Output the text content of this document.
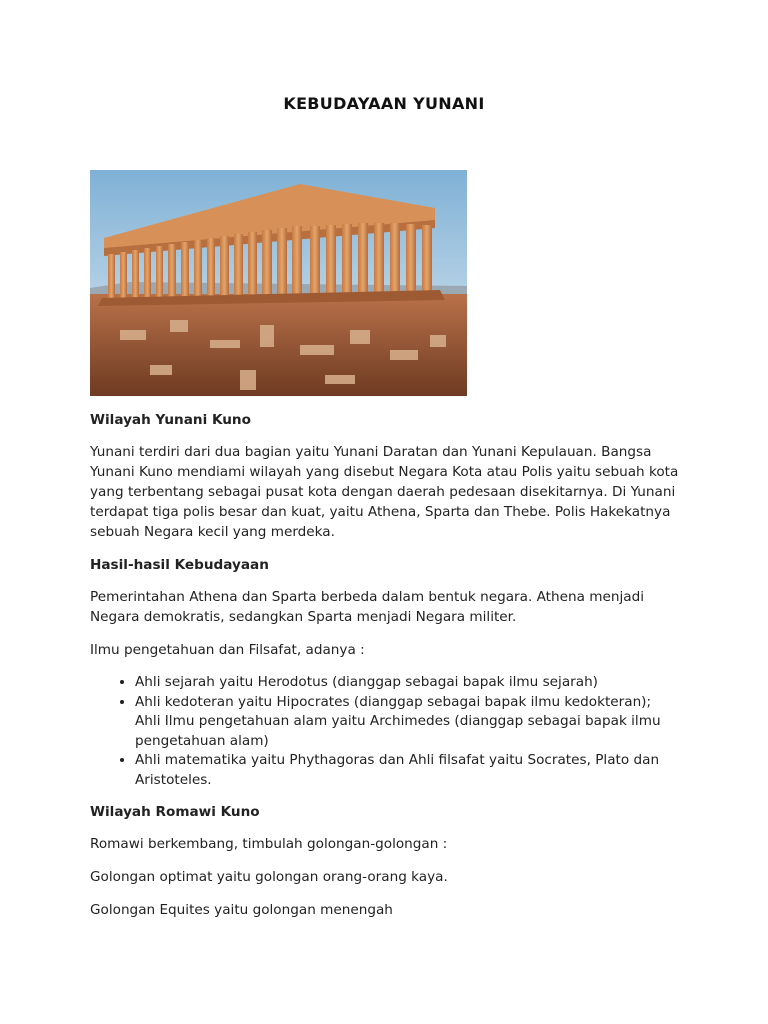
KEBUDAYAAN YUNANI
Wilayah Yunani Kuno

Yunani terdiri dari dua bagian yaitu Yunani Daratan dan Yunani Kepulauan. Bangsa Yunani Kuno mendiami wilayah yang disebut Negara Kota atau Polis yaitu sebuah kota yang terbentang sebagai pusat kota dengan daerah pedesaan disekitarnya. Di Yunani terdapat tiga polis besar dan kuat, yaitu Athena, Sparta dan Thebe. Polis Hakekatnya sebuah Negara kecil yang merdeka.

Hasil-hasil Kebudayaan

Pemerintahan Athena dan Sparta berbeda dalam bentuk negara. Athena menjadi Negara demokratis, sedangkan Sparta menjadi Negara militer.

Ilmu pengetahuan dan Filsafat, adanya :

• Ahli sejarah yaitu Herodotus (dianggap sebagai bapak ilmu sejarah)
• Ahli kedoteran yaitu Hipocrates (dianggap sebagai bapak ilmu kedokteran); Ahli Ilmu pengetahuan alam yaitu Archimedes (dianggap sebagai bapak ilmu pengetahuan alam)
• Ahli matematika yaitu Phythagoras dan Ahli filsafat yaitu Socrates, Plato dan Aristoteles.
Wilayah Romawi Kuno

Romawi berkembang, timbulah golongan-golongan :

Golongan optimat yaitu golongan orang-orang kaya.

Golongan Equites yaitu golongan menengah
